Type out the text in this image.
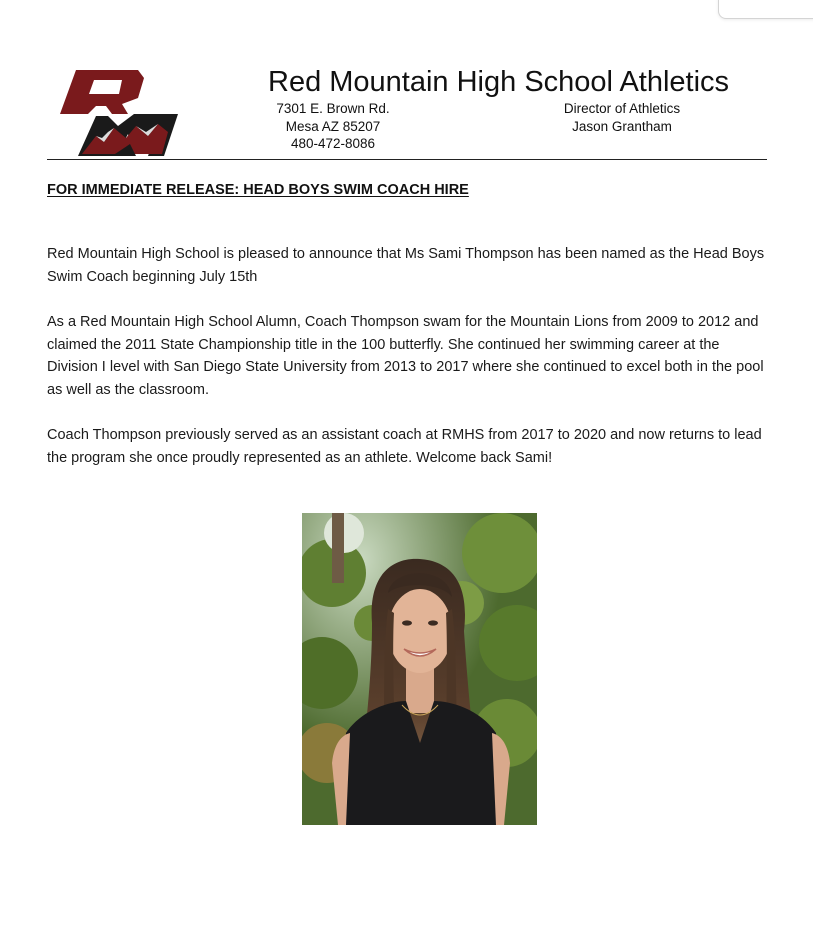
RM	Red Mountain High School Athletics
7301 E. Brown Rd.
Mesa AZ 85207
480-472-8086
Director of Athletics
Jason Grantham
FOR IMMEDIATE RELEASE: HEAD BOYS SWIM COACH HIRE

Red Mountain High School is pleased to announce that Ms Sami Thompson has been named as the Head Boys Swim Coach beginning July 15th

As a Red Mountain High School Alumn, Coach Thompson swam for the Mountain Lions from 2009 to 2012 and claimed the 2011 State Championship title in the 100 butterfly. She continued her swimming career at the Division I level with San Diego State University from 2013 to 2017 where she continued to excel both in the pool as well as the classroom.

Coach Thompson previously served as an assistant coach at RMHS from 2017 to 2020 and now returns to lead the program she once proudly represented as an athlete. Welcome back Sami!
